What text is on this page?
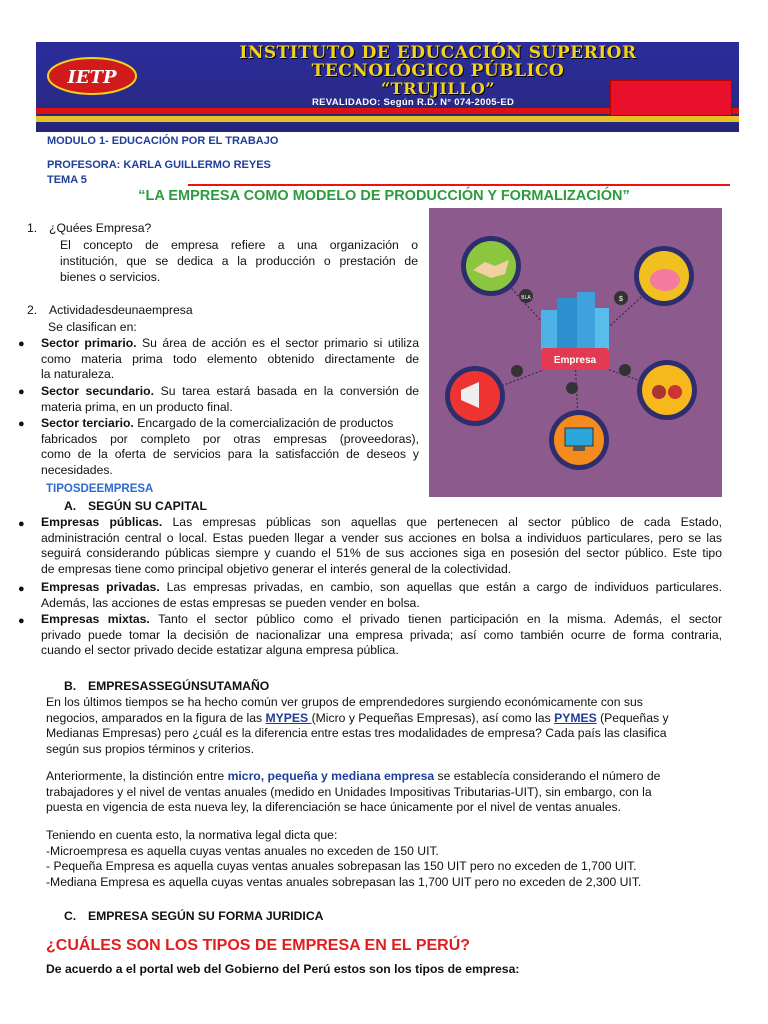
IETP
INSTITUTO DE EDUCACIÓN SUPERIOR
TECNOLÓGICO PÚBLICO
“TRUJILLO”
REVALIDADO: Según R.D. N° 074-2005-ED
MODULO 1- EDUCACIÓN POR EL TRABAJO
PROFESORA: KARLA GUILLERMO REYES
TEMA 5
“LA EMPRESA COMO MODELO DE PRODUCCIÓN Y FORMALIZACIÓN”
1. ¿Quées Empresa?
El concepto de empresa refiere a una organización o
institución, que se dedica a la producción o prestación de
bienes o servicios.
2. Actividadesdeunaempresa
Se clasifican en:
● Sector primario. Su área de acción es el sector primario si utiliza
como materia prima todo elemento obtenido directamente de
la naturaleza.
● Sector secundario. Su tarea estará basada en la conversión de
materia prima, en un producto final.
● Sector terciario. Encargado de la comercialización de productos
fabricados por completo por otras empresas (proveedoras),
como de la oferta de servicios para la satisfacción de deseos y
necesidades.
Empresa
BLA	$
TIPOSDEEMPRESA
A. SEGÚN SU CAPITAL
● Empresas públicas. Las empresas públicas son aquellas que pertenecen al sector público de cada Estado,
administración central o local. Estas pueden llegar a vender sus acciones en bolsa a individuos particulares, pero se las
seguirá considerando públicas siempre y cuando el 51% de sus acciones siga en posesión del sector público. Este tipo
de empresas tiene como principal objetivo generar el interés general de la colectividad.
● Empresas privadas. Las empresas privadas, en cambio, son aquellas que están a cargo de individuos particulares.
Además, las acciones de estas empresas se pueden vender en bolsa.
● Empresas mixtas. Tanto el sector público como el privado tienen participación en la misma. Además, el sector
privado puede tomar la decisión de nacionalizar una empresa privada; así como también ocurre de forma contraria,
cuando el sector privado decide estatizar alguna empresa pública.
B. EMPRESASSEGÚNSUTAMAÑO
En los últimos tiempos se ha hecho común ver grupos de emprendedores surgiendo económicamente con sus
negocios, amparados en la figura de las MYPES (Micro y Pequeñas Empresas), así como las PYMES (Pequeñas y
Medianas Empresas) pero ¿cuál es la diferencia entre estas tres modalidades de empresa? Cada país las clasifica
según sus propios términos y criterios.
Anteriormente, la distinción entre micro, pequeña y mediana empresa se establecía considerando el número de
trabajadores y el nivel de ventas anuales (medido en Unidades Impositivas Tributarias-UIT), sin embargo, con la
puesta en vigencia de esta nueva ley, la diferenciación se hace únicamente por el nivel de ventas anuales.
Teniendo en cuenta esto, la normativa legal dicta que:
-Microempresa es aquella cuyas ventas anuales no exceden de 150 UIT.
- Pequeña Empresa es aquella cuyas ventas anuales sobrepasan las 150 UIT pero no exceden de 1,700 UIT.
-Mediana Empresa es aquella cuyas ventas anuales sobrepasan las 1,700 UIT pero no exceden de 2,300 UIT.
C. EMPRESA SEGÚN SU FORMA JURIDICA
¿CUÁLES SON LOS TIPOS DE EMPRESA EN EL PERÚ?
De acuerdo a el portal web del Gobierno del Perú estos son los tipos de empresa:
